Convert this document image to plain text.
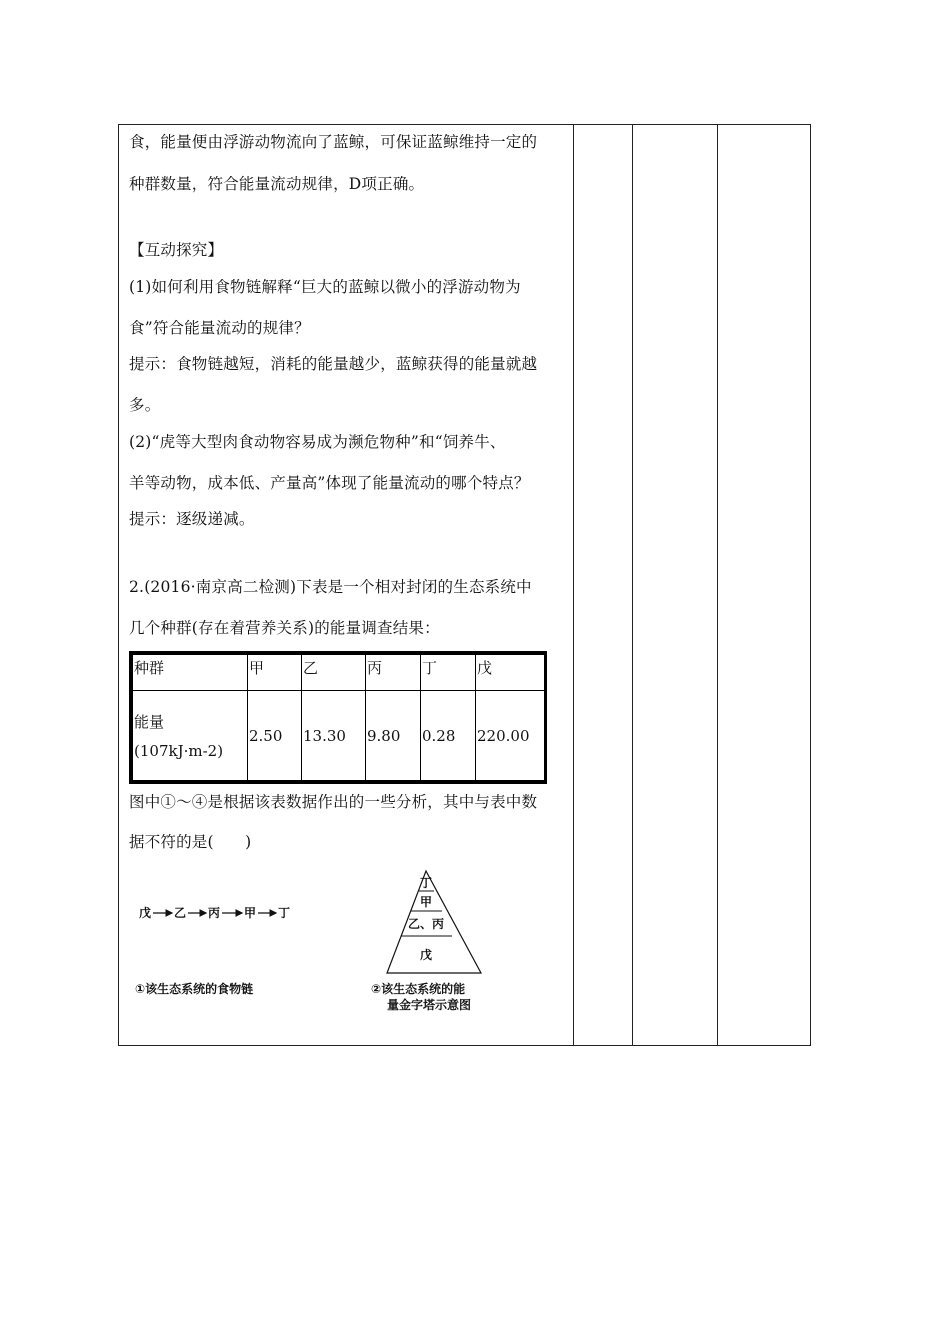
食，能量便由浮游动物流向了蓝鲸，可保证蓝鲸维持一定的
种群数量，符合能量流动规律，D项正确。
【互动探究】
(1)如何利用食物链解释“巨大的蓝鲸以微小的浮游动物为
食”符合能量流动的规律？
提示：食物链越短，消耗的能量越少，蓝鲸获得的能量就越
多。
(2)“虎等大型肉食动物容易成为濒危物种”和“饲养牛、
羊等动物，成本低、产量高”体现了能量流动的哪个特点？
提示：逐级递减。
2.(2016·南京高二检测)下表是一个相对封闭的生态系统中
几个种群(存在着营养关系)的能量调查结果：
图中①～④是根据该表数据作出的一些分析，其中与表中数
据不符的是(　　)
种群	甲	乙	丙	丁	戊

能量
(107kJ·m-2)	2.50	13.30	9.80	0.28	220.00
戊 乙 丙 甲 丁
①该生态系统的食物链
丁
甲
乙、丙
戊
②该生态系统的能
量金字塔示意图
